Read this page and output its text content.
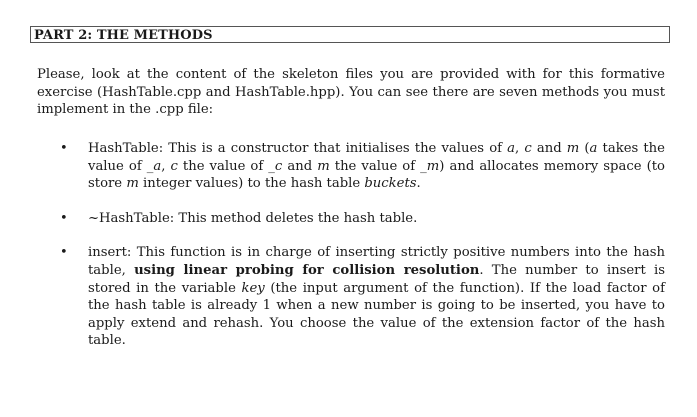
PART 2: THE METHODS

Please, look at the content of the skeleton files you are provided with for this formative exercise (HashTable.cpp and HashTable.hpp). You can see there are seven methods you must implement in the .cpp file:

• HashTable: This is a constructor that initialises the values of a, c and m (a takes the value of _a, c the value of _c and m the value of _m) and allocates memory space (to store m integer values) to the hash table buckets.
• ~HashTable: This method deletes the hash table.
• insert: This function is in charge of inserting strictly positive numbers into the hash table, using linear probing for collision resolution. The number to insert is stored in the variable key (the input argument of the function). If the load factor of the hash table is already 1 when a new number is going to be inserted, you have to apply extend and rehash. You choose the value of the extension factor of the hash table.
